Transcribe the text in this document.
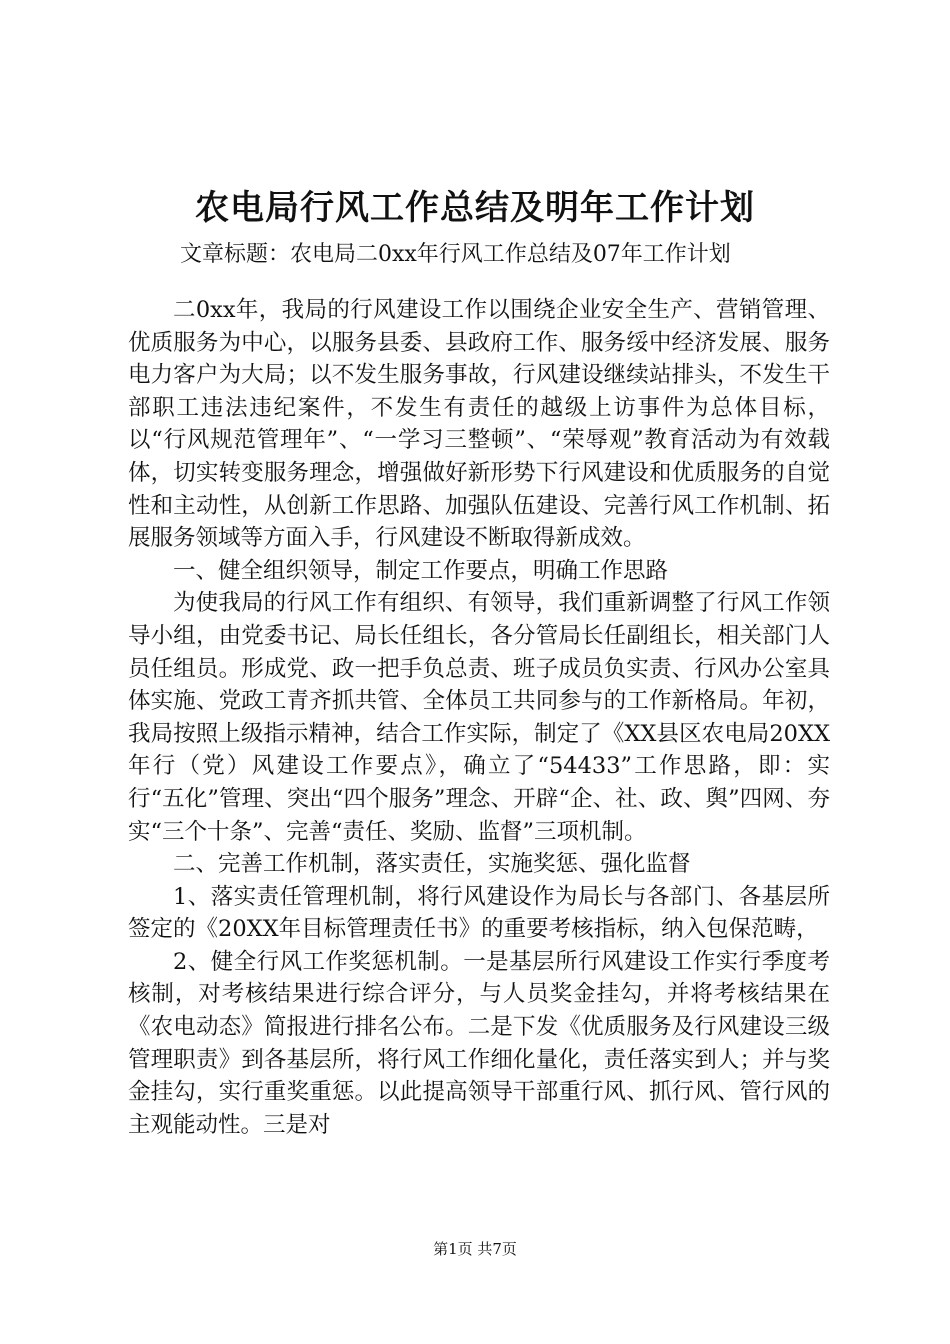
农电局行风工作总结及明年工作计划
文章标题：农电局二0xx年行风工作总结及07年工作计划

二0xx年，我局的行风建设工作以围绕企业安全生产、营销管理、优质服务为中心，以服务县委、县政府工作、服务绥中经济发展、服务电力客户为大局；以不发生服务事故，行风建设继续站排头，不发生干部职工违法违纪案件，不发生有责任的越级上访事件为总体目标，以“行风规范管理年”、“一学习三整顿”、“荣辱观”教育活动为有效载体，切实转变服务理念，增强做好新形势下行风建设和优质服务的自觉性和主动性，从创新工作思路、加强队伍建设、完善行风工作机制、拓展服务领域等方面入手，行风建设不断取得新成效。

一、健全组织领导，制定工作要点，明确工作思路

为使我局的行风工作有组织、有领导，我们重新调整了行风工作领导小组，由党委书记、局长任组长，各分管局长任副组长，相关部门人员任组员。形成党、政一把手负总责、班子成员负实责、行风办公室具体实施、党政工青齐抓共管、全体员工共同参与的工作新格局。年初，我局按照上级指示精神，结合工作实际，制定了《XX县区农电局20XX年行（党）风建设工作要点》，确立了“54433”工作思路，即：实行“五化”管理、突出“四个服务”理念、开辟“企、社、政、舆”四网、夯实“三个十条”、完善“责任、奖励、监督”三项机制。

二、完善工作机制，落实责任，实施奖惩、强化监督

1、落实责任管理机制，将行风建设作为局长与各部门、各基层所签定的《20XX年目标管理责任书》的重要考核指标，纳入包保范畴，

2、健全行风工作奖惩机制。一是基层所行风建设工作实行季度考核制，对考核结果进行综合评分，与人员奖金挂勾，并将考核结果在《农电动态》简报进行排名公布。二是下发《优质服务及行风建设三级管理职责》到各基层所，将行风工作细化量化，责任落实到人；并与奖金挂勾，实行重奖重惩。以此提高领导干部重行风、抓行风、管行风的主观能动性。三是对

第1页 共7页
